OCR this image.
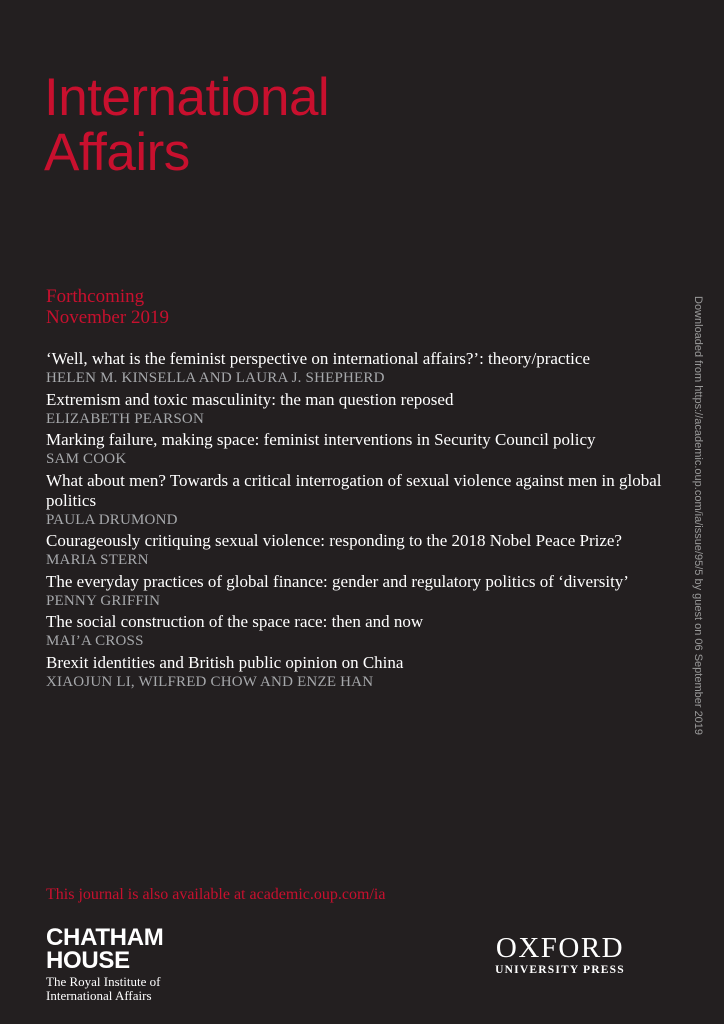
International
Affairs
Forthcoming
November 2019
‘Well, what is the feminist perspective on international affairs?’: theory/practice
HELEN M. KINSELLA AND LAURA J. SHEPHERD
Extremism and toxic masculinity: the man question reposed
ELIZABETH PEARSON
Marking failure, making space: feminist interventions in Security Council policy
SAM COOK
What about men? Towards a critical interrogation of sexual violence against men in global politics
PAULA DRUMOND
Courageously critiquing sexual violence: responding to the 2018 Nobel Peace Prize?
MARIA STERN
The everyday practices of global finance: gender and regulatory politics of ‘diversity’
PENNY GRIFFIN
The social construction of the space race: then and now
MAI’A CROSS
Brexit identities and British public opinion on China
XIAOJUN LI, WILFRED CHOW AND ENZE HAN	Downloaded from https://academic.oup.com/ia/issue/95/5 by guest on 06 September 2019
This journal is also available at academic.oup.com/ia
CHATHAM
HOUSE
The Royal Institute of
International Affairs
OXFORD
UNIVERSITY PRESS
